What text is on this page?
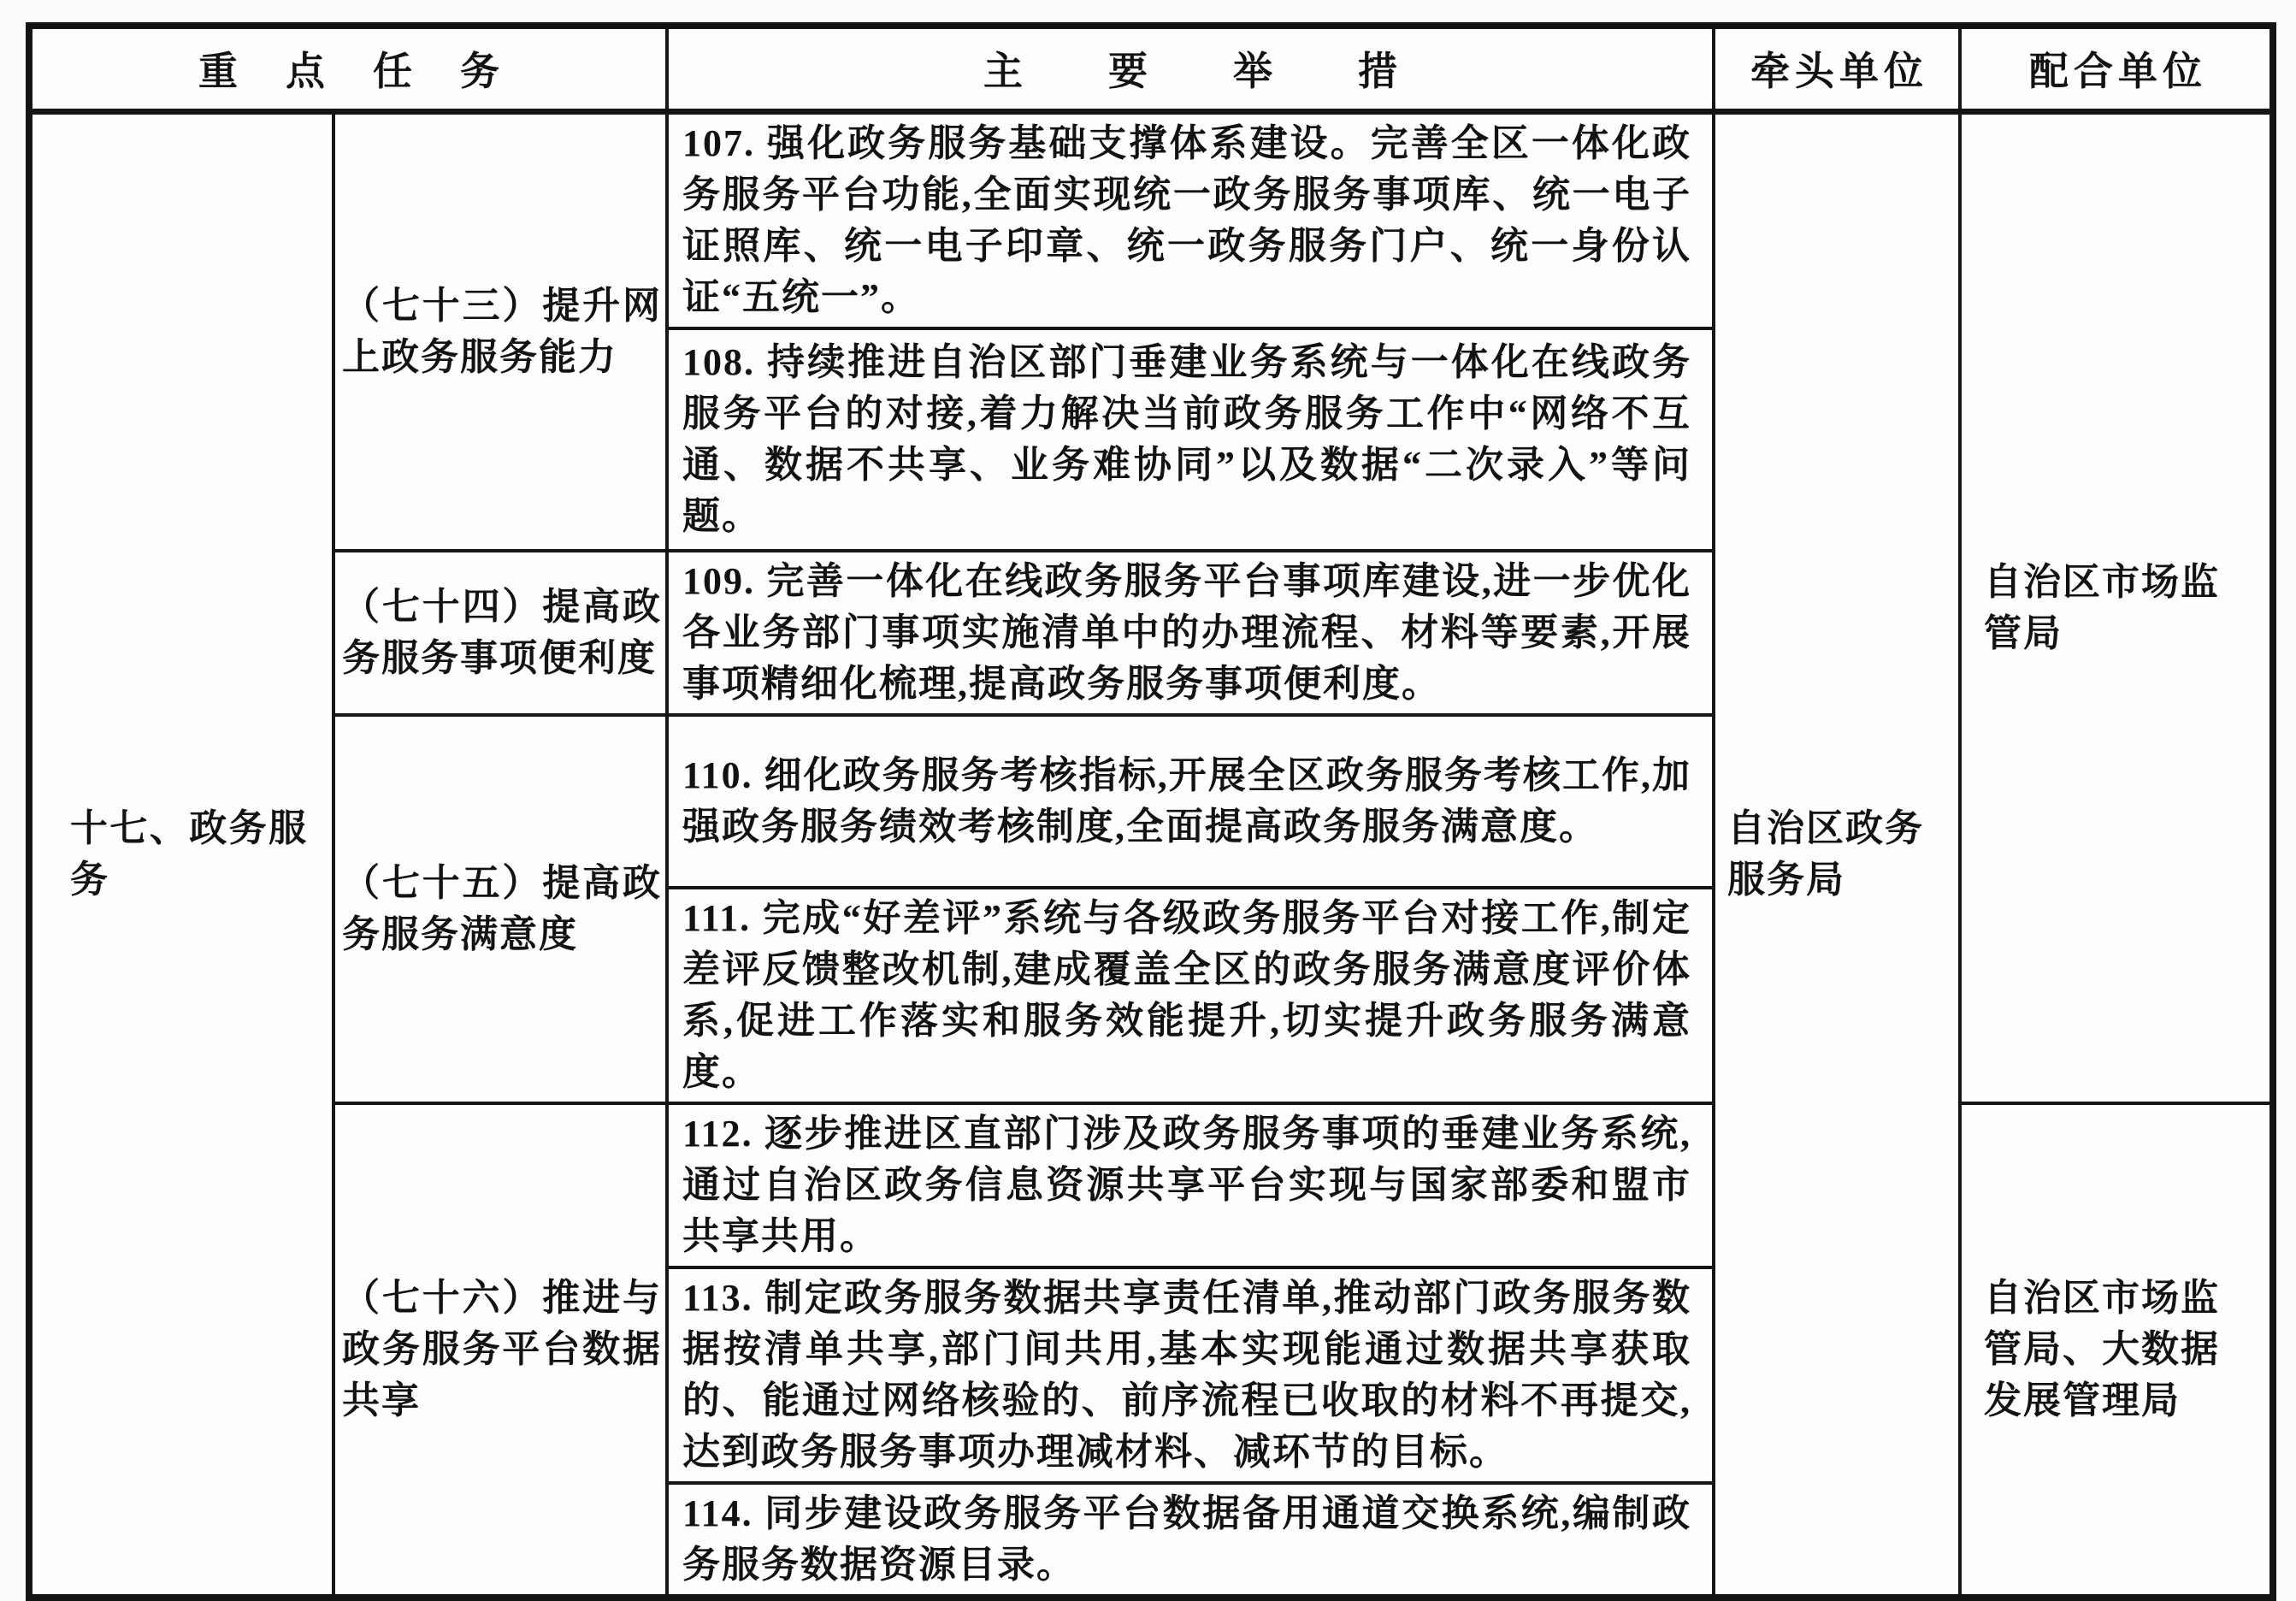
重点任务		主要举措	牵头单位	配合单位
十七、政务服务	（七十三）提升网上政务服务能力	107. 强化政务服务基础支撑体系建设。完善全区一体化政务服务平台功能,全面实现统一政务服务事项库、统一电子证照库、统一电子印章、统一政务服务门户、统一身份认证“五统一”。	自治区政务服务局	自治区市场监管局
		108. 持续推进自治区部门垂建业务系统与一体化在线政务服务平台的对接,着力解决当前政务服务工作中“网络不互通、数据不共享、业务难协同”以及数据“二次录入”等问题。		
	（七十四）提高政务服务事项便利度	109. 完善一体化在线政务服务平台事项库建设,进一步优化各业务部门事项实施清单中的办理流程、材料等要素,开展事项精细化梳理,提高政务服务事项便利度。		
	（七十五）提高政务服务满意度	110. 细化政务服务考核指标,开展全区政务服务考核工作,加强政务服务绩效考核制度,全面提高政务服务满意度。		
		111. 完成“好差评”系统与各级政务服务平台对接工作,制定差评反馈整改机制,建成覆盖全区的政务服务满意度评价体系,促进工作落实和服务效能提升,切实提升政务服务满意度。		
	（七十六）推进与政务服务平台数据共享	112. 逐步推进区直部门涉及政务服务事项的垂建业务系统,通过自治区政务信息资源共享平台实现与国家部委和盟市共享共用。		自治区市场监管局、大数据发展管理局
		113. 制定政务服务数据共享责任清单,推动部门政务服务数据按清单共享,部门间共用,基本实现能通过数据共享获取的、能通过网络核验的、前序流程已收取的材料不再提交,达到政务服务事项办理减材料、减环节的目标。		
		114. 同步建设政务服务平台数据备用通道交换系统,编制政务服务数据资源目录。		
